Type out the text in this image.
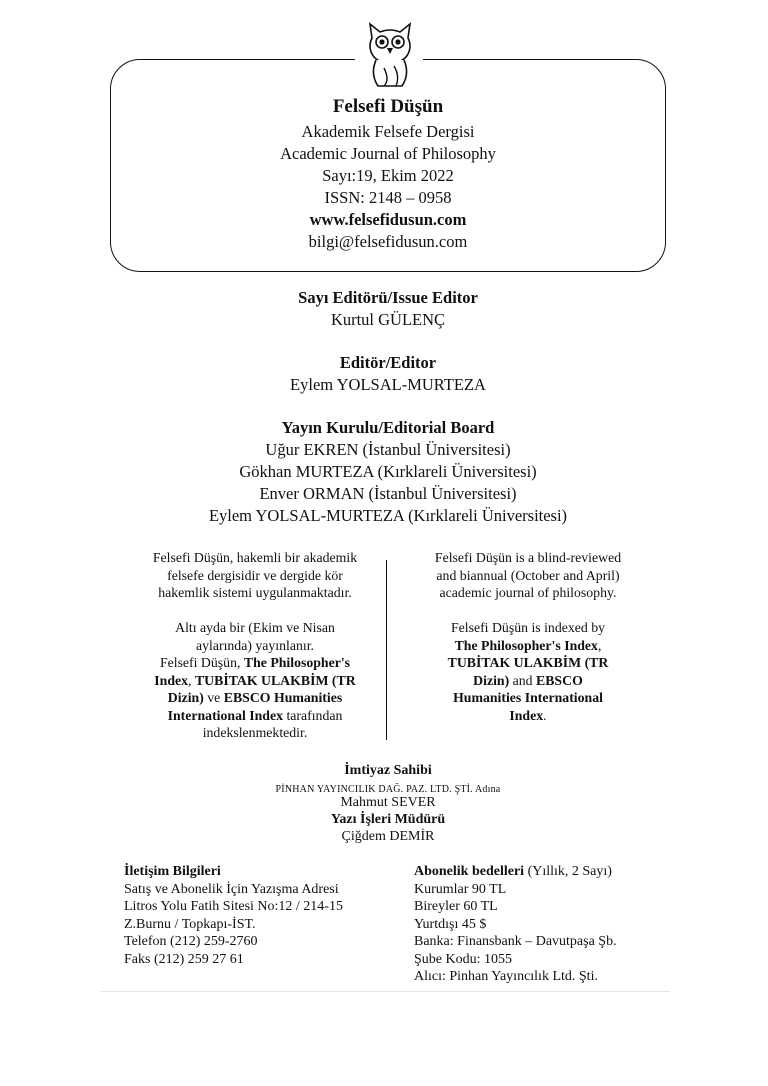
Felsefi Düşün
Akademik Felsefe Dergisi
Academic Journal of Philosophy
Sayı:19, Ekim 2022
ISSN: 2148 – 0958
www.felsefidusun.com
bilgi@felsefidusun.com
Sayı Editörü/Issue Editor
Kurtul GÜLENÇ
Editör/Editor
Eylem YOLSAL-MURTEZA
Yayın Kurulu/Editorial Board
Uğur EKREN (İstanbul Üniversitesi)
Gökhan MURTEZA (Kırklareli Üniversitesi)
Enver ORMAN (İstanbul Üniversitesi)
Eylem YOLSAL-MURTEZA (Kırklareli Üniversitesi)
Felsefi Düşün, hakemli bir akademik
felsefe dergisidir ve dergide kör
hakemlik sistemi uygulanmaktadır.
Altı ayda bir (Ekim ve Nisan
aylarında) yayınlanır.
Felsefi Düşün, The Philosopher's
Index, TUBİTAK ULAKBİM (TR
Dizin) ve EBSCO Humanities
International Index tarafından
indekslenmektedir.
Felsefi Düşün is a blind-reviewed
and biannual (October and April)
academic journal of philosophy.
Felsefi Düşün is indexed by
The Philosopher's Index,
TUBİTAK ULAKBİM (TR
Dizin) and EBSCO
Humanities International
Index.
İmtiyaz Sahibi
PİNHAN YAYINCILIK DAĞ. PAZ. LTD. ŞTİ. Adına
Mahmut SEVER
Yazı İşleri Müdürü
Çiğdem DEMİR
İletişim Bilgileri
Satış ve Abonelik İçin Yazışma Adresi
Litros Yolu Fatih Sitesi No:12 / 214-15
Z.Burnu / Topkapı-İST.
Telefon (212) 259-2760
Faks (212) 259 27 61
Abonelik bedelleri (Yıllık, 2 Sayı)
Kurumlar 90 TL
Bireyler 60 TL
Yurtdışı 45 $
Banka: Finansbank – Davutpaşa Şb.
Şube Kodu: 1055
Alıcı: Pinhan Yayıncılık Ltd. Şti.
